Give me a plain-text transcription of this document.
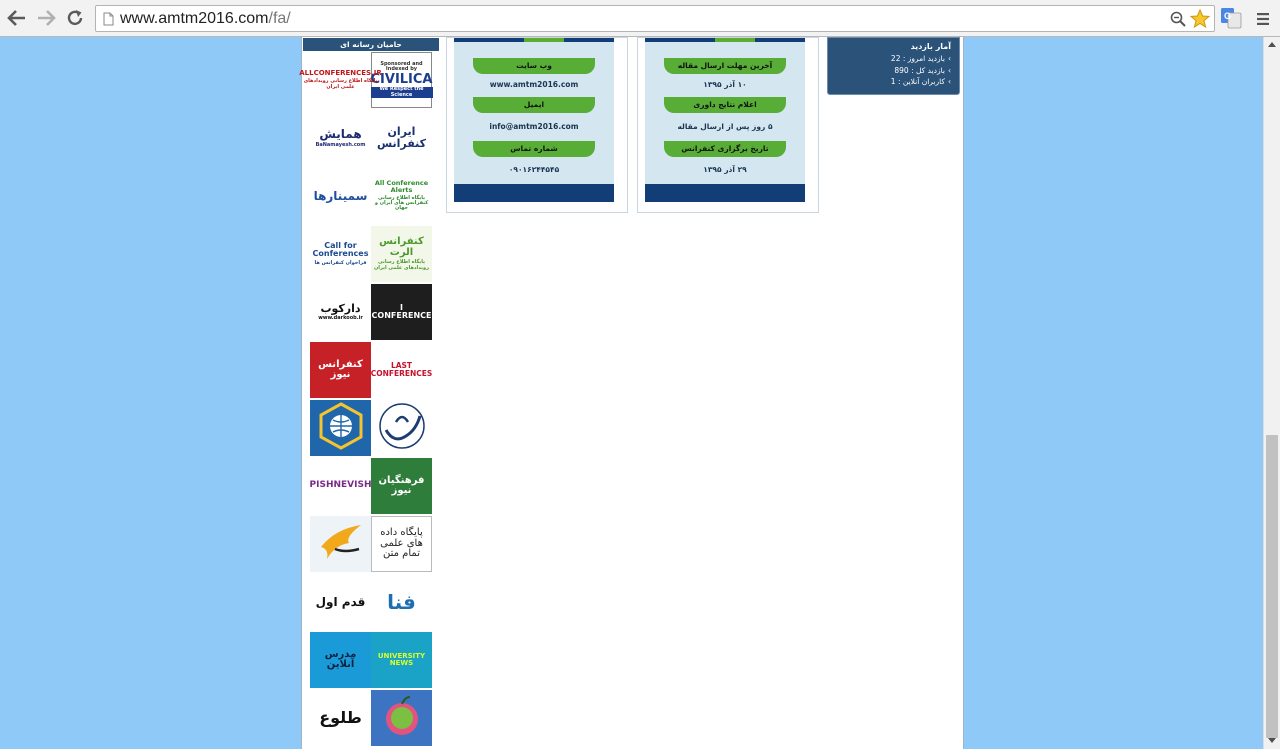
www.amtm2016.com/fa/	G
حامیان رسانه ای
Sponsored and Indexed by
CIVILICA
We Respect the Science
ALLCONFERENCES.IR
پایگاه اطلاع رسانی رویدادهای علمی ایران
ایران کنفرانس
همایش
BaNamayesh.com
All Conference Alerts
پایگاه اطلاع رسانی کنفرانس های ایران و جهان
سمینارها
کنفرانس الرت
پایگاه اطلاع رسانی رویدادهای علمی ایران
Call for Conferences
فراخوان کنفرانس ها
I CONFERENCE
دارکوب
www.darkoob.ir
LAST CONFERENCES
کنفرانس نیوز
فرهنگیان نیوز
PISHNEVISH
پایگاه داده های علمی تمام متن
فنا
قدم اول
UNIVERSITY NEWS
مدرس آنلاین
طلوع
وب سایت
www.amtm2016.com
ایمیل
info@amtm2016.com
شماره تماس
۰۹۰۱۶۲۴۴۵۴۵
آخرین مهلت ارسال مقاله
۱۰ آذر ۱۳۹۵
اعلام نتایج داوری
۵ روز پس از ارسال مقاله
تاریخ برگزاری کنفرانس
۲۹ آذر ۱۳۹۵
آمار بازدید
›بازدید امروز : 22
›بازدید کل : 890
›کاربران آنلاین : 1
